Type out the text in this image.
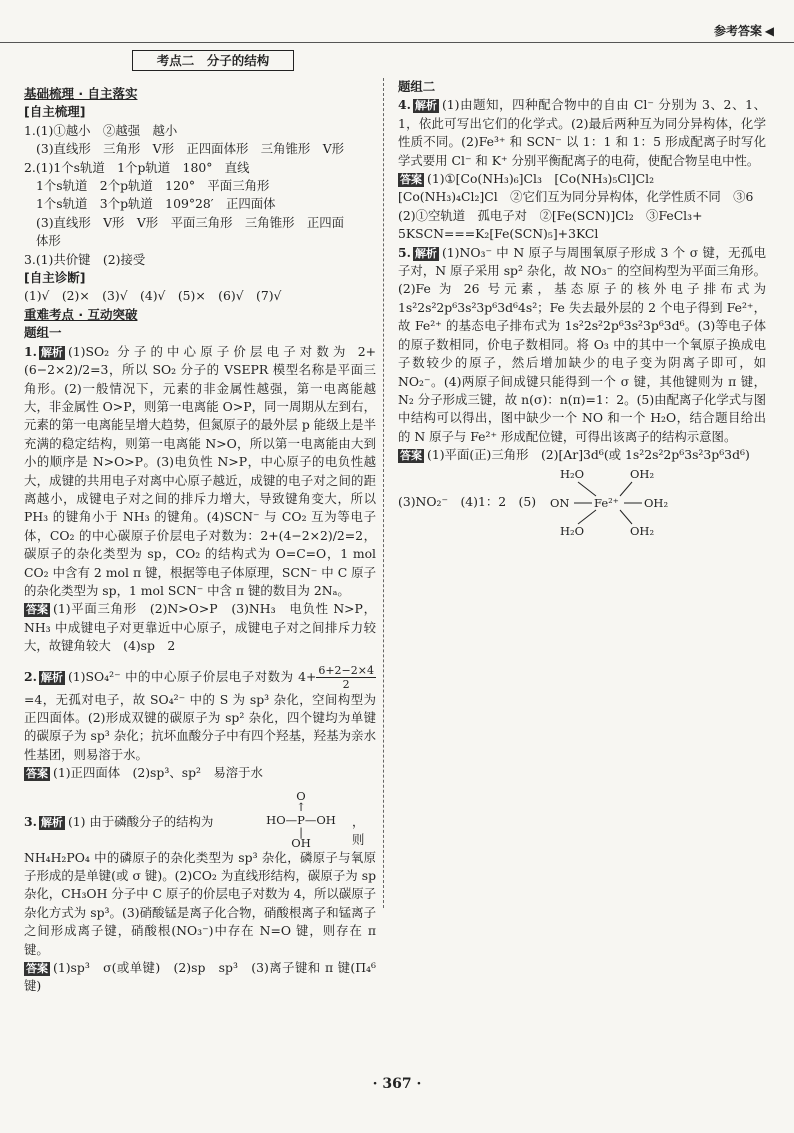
参考答案 ◀
考点二　分子的结构
基础梳理 · 自主落实
[自主梳理]

1.(1)①越小　②越强　越小

(3)直线形　三角形　V形　正四面体形　三角锥形　V形

2.(1)1个s轨道　1个p轨道　180°　直线

1个s轨道　2个p轨道　120°　平面三角形

1个s轨道　3个p轨道　109°28′　正四面体

(3)直线形　V形　V形　平面三角形　三角锥形　正四面

体形

3.(1)共价键　(2)接受

[自主诊断]

(1)√　(2)×　(3)√　(4)√　(5)×　(6)√　(7)√

重难考点 · 互动突破
题组一

1. 解析 (1)SO₂ 分子的中心原子价层电子对数为 2+(6−2×2)/2=3，所以 SO₂ 分子的 VSEPR 模型名称是平面三角形。(2)一般情况下，元素的非金属性越强，第一电离能越大，非金属性 O>P，则第一电离能 O>P，同一周期从左到右，元素的第一电离能呈增大趋势，但氮原子的最外层 p 能级上是半充满的稳定结构，则第一电离能 N>O，所以第一电离能由大到小的顺序是 N>O>P。(3)电负性 N>P，中心原子的电负性越大，成键的共用电子对离中心原子越近，成键的电子对之间的距离越小，成键电子对之间的排斥力增大，导致键角变大，所以 PH₃ 的键角小于 NH₃ 的键角。(4)SCN⁻ 与 CO₂ 互为等电子体，CO₂ 的中心碳原子价层电子对数为：2+(4−2×2)/2=2，碳原子的杂化类型为 sp，CO₂ 的结构式为 O=C=O，1 mol CO₂ 中含有 2 mol π 键，根据等电子体原理，SCN⁻ 中 C 原子的杂化类型为 sp，1 mol SCN⁻ 中含 π 键的数目为 2Nₐ。

答案 (1)平面三角形　(2)N>O>P　(3)NH₃　电负性 N>P，NH₃ 中成键电子对更靠近中心原子，成键电子对之间排斥力较大，故键角较大　(4)sp　2

2. 解析 (1)SO₄²⁻ 中的中心原子价层电子对数为 $4+ \frac{6+2-2\times 4}{2}$
=4，无孤对电子，故 SO₄²⁻ 中的 S 为 sp³ 杂化，空间构型为正四面体。(2)形成双键的碳原子为 sp² 杂化，四个键均为单键的碳原子为 sp³ 杂化；抗坏血酸分子中有四个羟基，羟基为亲水性基团，则易溶于水。

答案 (1)正四面体　(2)sp³、sp²　易溶于水

3. 解析 (1) 由于磷酸分子的结构为
O
↑
HO—P—OH
|
OH
，则

NH₄H₂PO₄ 中的磷原子的杂化类型为 sp³ 杂化，磷原子与氧原子形成的是单键(或 σ 键)。(2)CO₂ 为直线形结构，碳原子为 sp 杂化，CH₃OH 分子中 C 原子的价层电子对数为 4，所以碳原子杂化方式为 sp³。(3)硝酸锰是离子化合物，硝酸根离子和锰离子之间形成离子键，硝酸根(NO₃⁻)中存在 N=O 键，则存在 π 键。

答案 (1)sp³　σ(或单键)　(2)sp　sp³　(3)离子键和 π 键(Π₄⁶ 键)

题组二

4. 解析 (1)由题知，四种配合物中的自由 Cl⁻ 分别为 3、2、1、1，依此可写出它们的化学式。(2)最后两种互为同分异构体，化学性质不同。(2)Fe³⁺ 和 SCN⁻ 以 1：1 和 1：5 形成配离子时写化学式要用 Cl⁻ 和 K⁺ 分别平衡配离子的电荷，使配合物呈电中性。

答案 (1)①[Co(NH₃)₆]Cl₃　[Co(NH₃)₅Cl]Cl₂

[Co(NH₃)₄Cl₂]Cl　②它们互为同分异构体，化学性质不同　③6

(2)①空轨道　孤电子对　②[Fe(SCN)]Cl₂　③FeCl₃+

5KSCN===K₂[Fe(SCN)₅]+3KCl

5. 解析 (1)NO₃⁻ 中 N 原子与周围氧原子形成 3 个 σ 键，无孤电子对，N 原子采用 sp² 杂化，故 NO₃⁻ 的空间构型为平面三角形。(2)Fe 为 26 号元素，基态原子的核外电子排布式为 1s²2s²2p⁶3s²3p⁶3d⁶4s²；Fe 失去最外层的 2 个电子得到 Fe²⁺，故 Fe²⁺ 的基态电子排布式为 1s²2s²2p⁶3s²3p⁶3d⁶。(3)等电子体的原子数相同，价电子数相同。将 O₃ 中的其中一个氧原子换成电子数较少的原子，然后增加缺少的电子变为阴离子即可，如 NO₂⁻。(4)两原子间成键只能得到一个 σ 键，其他键则为 π 键，N₂ 分子形成三键，故 n(σ)：n(π)=1：2。(5)由配离子化学式与图中结构可以得出，图中缺少一个 NO 和一个 H₂O，结合题目给出的 N 原子与 Fe²⁺ 形成配位键，可得出该离子的结构示意图。

答案 (1)平面(正)三角形　(2)[Ar]3d⁶(或 1s²2s²2p⁶3s²3p⁶3d⁶)

(3)NO₂⁻　(4)1：2　(5)
H₂O	OH₂
ON Fe²⁺ OH₂
H₂O	OH₂
· 367 ·
